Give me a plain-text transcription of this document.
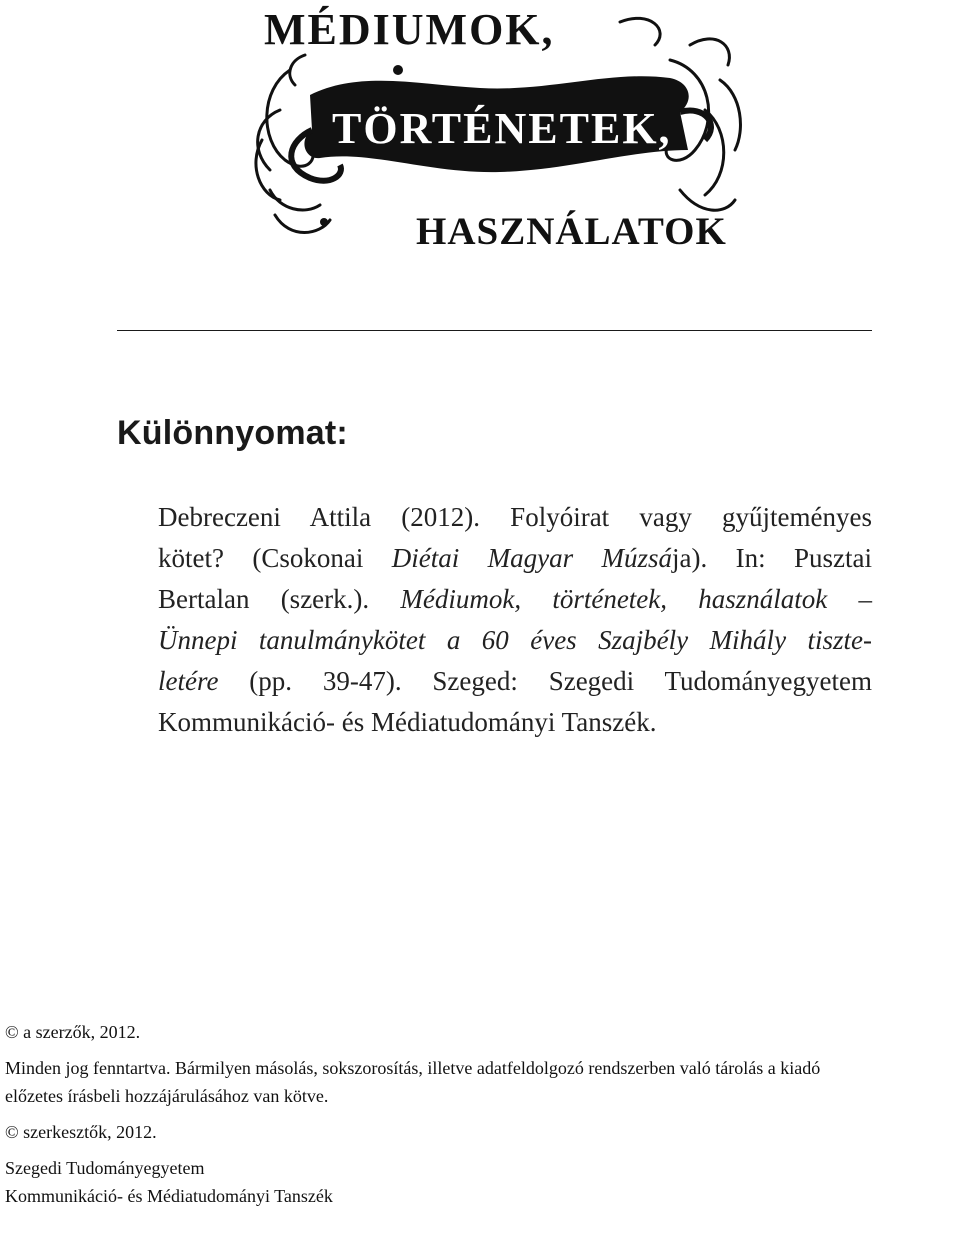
MÉDIUMOK,
TÖRTÉNETEK,
HASZNÁLATOK
Különnyomat:
Debreczeni Attila (2012). Folyóirat vagy gyűjteményes
kötet? (Csokonai Diétai Magyar Múzsája). In: Pusztai
Bertalan (szerk.). Médiumok, történetek, használatok –
Ünnepi tanulmánykötet a 60 éves Szajbély Mihály tiszte-
letére (pp. 39-47). Szeged: Szegedi Tudományegyetem
Kommunikáció- és Médiatudományi Tanszék.

© a szerzők, 2012.

Minden jog fenntartva. Bármilyen másolás, sokszorosítás, illetve adatfeldolgozó rendszerben való tárolás a kiadó

előzetes írásbeli hozzájárulásához van kötve.

© szerkesztők, 2012.

Szegedi Tudományegyetem

Kommunikáció- és Médiatudományi Tanszék
